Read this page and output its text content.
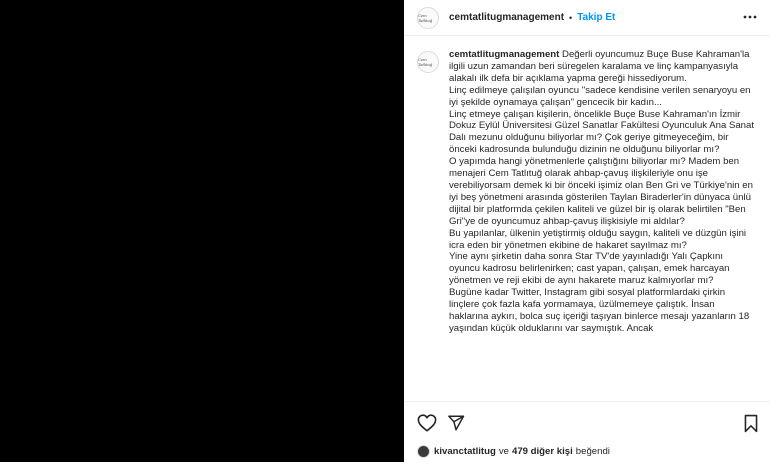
Cem Tatlıtuğ	cemtatlitugmanagement • Takip Et
Cem Tatlıtuğ

cemtatlitugmanagement Değerli oyuncumuz Buçe Buse Kahraman'la ilgili uzun zamandan beri süregelen karalama ve linç kampanyasıyla alakalı ilk defa bir açıklama yapma gereği hissediyorum.

Linç edilmeye çalışılan oyuncu "sadece kendisine verilen senaryoyu en iyi şekilde oynamaya çalışan" gencecik bir kadın...

Linç etmeye çalışan kişilerin, öncelikle Buçe Buse Kahraman'ın İzmir Dokuz Eylül Üniversitesi Güzel Sanatlar Fakültesi Oyunculuk Ana Sanat Dalı mezunu olduğunu biliyorlar mı? Çok geriye gitmeyeceğim, bir önceki kadrosunda bulunduğu dizinin ne olduğunu biliyorlar mı?

O yapımda hangi yönetmenlerle çalıştığını biliyorlar mı? Madem ben menajeri Cem Tatlıtuğ olarak ahbap-çavuş ilişkileriyle onu işe verebiliyorsam demek ki bir önceki işimiz olan Ben Gri ve Türkiye'nin en iyi beş yönetmeni arasında gösterilen Taylan Biraderler'in dünyaca ünlü dijital bir platformda çekilen kaliteli ve güzel bir iş olarak belirtilen "Ben Gri"ye de oyuncumuz ahbap-çavuş ilişkisiyle mi aldılar?

Bu yapılanlar, ülkenin yetiştirmiş olduğu saygın, kaliteli ve düzgün işini icra eden bir yönetmen ekibine de hakaret sayılmaz mı?

Yine aynı şirketin daha sonra Star TV'de yayınladığı Yalı Çapkını oyuncu kadrosu belirlenirken; cast yapan, çalışan, emek harcayan yönetmen ve reji ekibi de aynı hakarete maruz kalmıyorlar mı?

Bugüne kadar Twitter, Instagram gibi sosyal platformlardaki çirkin linçlere çok fazla kafa yormamaya, üzülmemeye çalıştık. İnsan haklarına aykırı, bolca suç içeriği taşıyan binlerce mesajı yazanların 18 yaşından küçük olduklarını var saymıştık. Ancak

kivanctatlitug ve 479 diğer kişi beğendi
